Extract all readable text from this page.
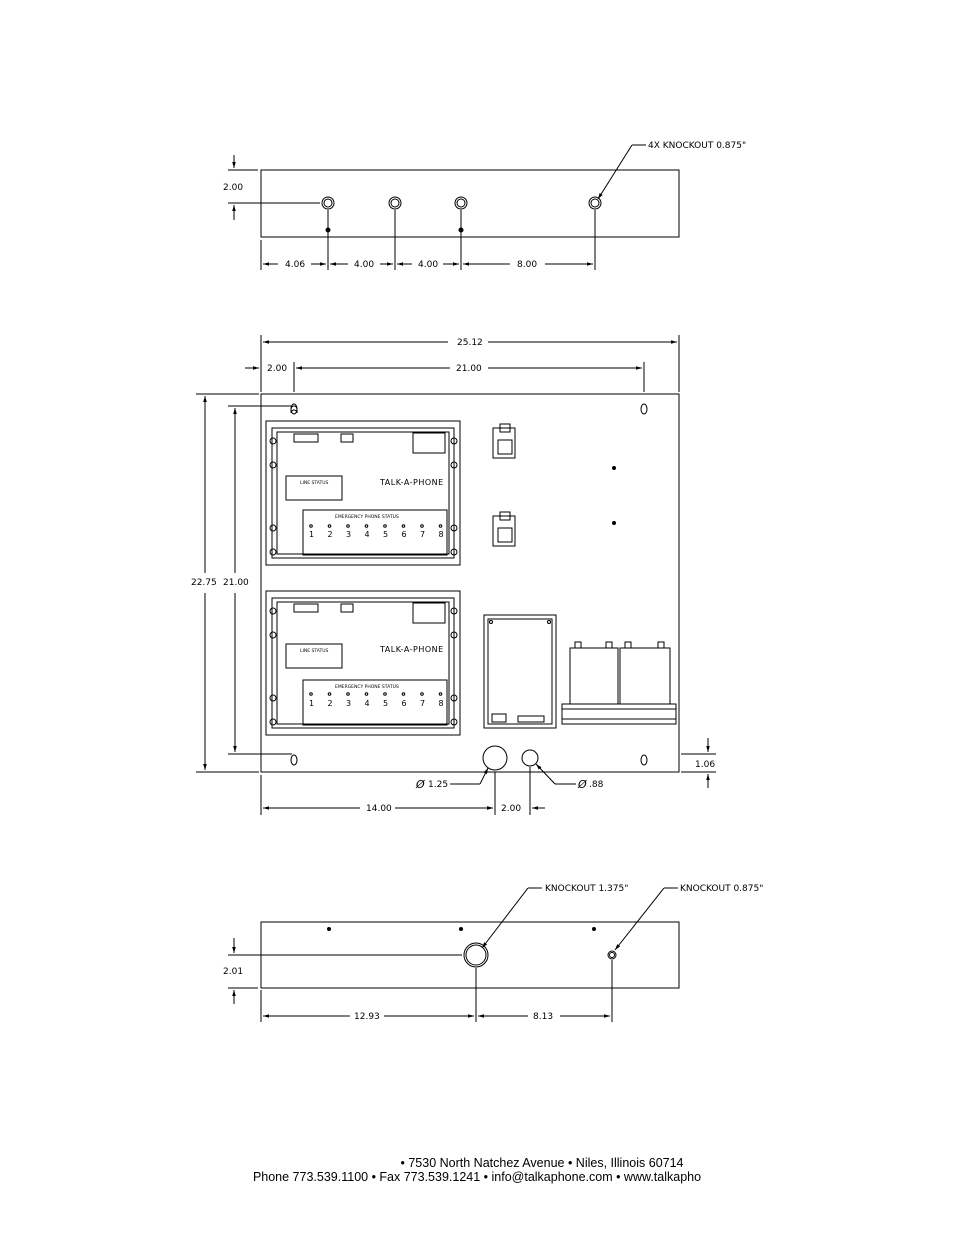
4X KNOCKOUT 0.875"
2.00
4.06	4.00	4.00	8.00
TALK-A-PHONE
LINE STATUS
EMERGENCY PHONE STATUS
TALK-A-PHONE
LINE STATUS
EMERGENCY PHONE STATUS
1 2 3 4 5 6 7 8
1 2 3 4 5 6 7 8
25.12
2.00	21.00
22.75 21.00
1.06
Ø 1.25	Ø .88
14.00	2.00
KNOCKOUT 1.375"	KNOCKOUT 0.875"
2.01
12.93	8.13
• 7530 North Natchez Avenue • Niles, Illinois 60714
Phone 773.539.1100 • Fax 773.539.1241 • info@talkaphone.com • www.talkapho
